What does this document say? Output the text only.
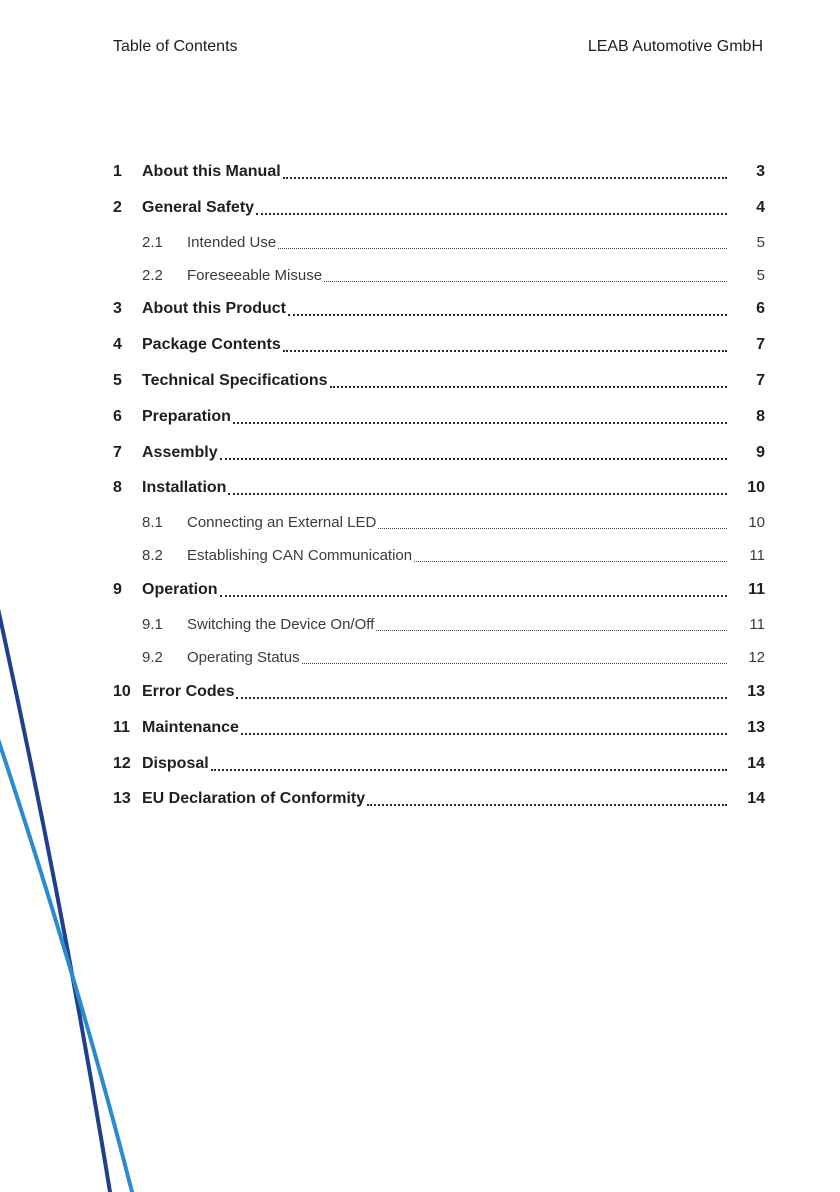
Table of Contents	LEAB Automotive GmbH
1	About this Manual	3
2	General Safety	4
2.1	Intended Use	5
2.2	Foreseeable Misuse	5
3	About this Product	6
4	Package Contents	7
5	Technical Specifications	7
6	Preparation	8
7	Assembly	9
8	Installation	10
8.1	Connecting an External LED	10
8.2	Establishing CAN Communication	11
9	Operation	11
9.1	Switching the Device On/Off	11
9.2	Operating Status	12
10 Error Codes	13
11 Maintenance	13
12 Disposal	14
13 EU Declaration of Conformity	14
